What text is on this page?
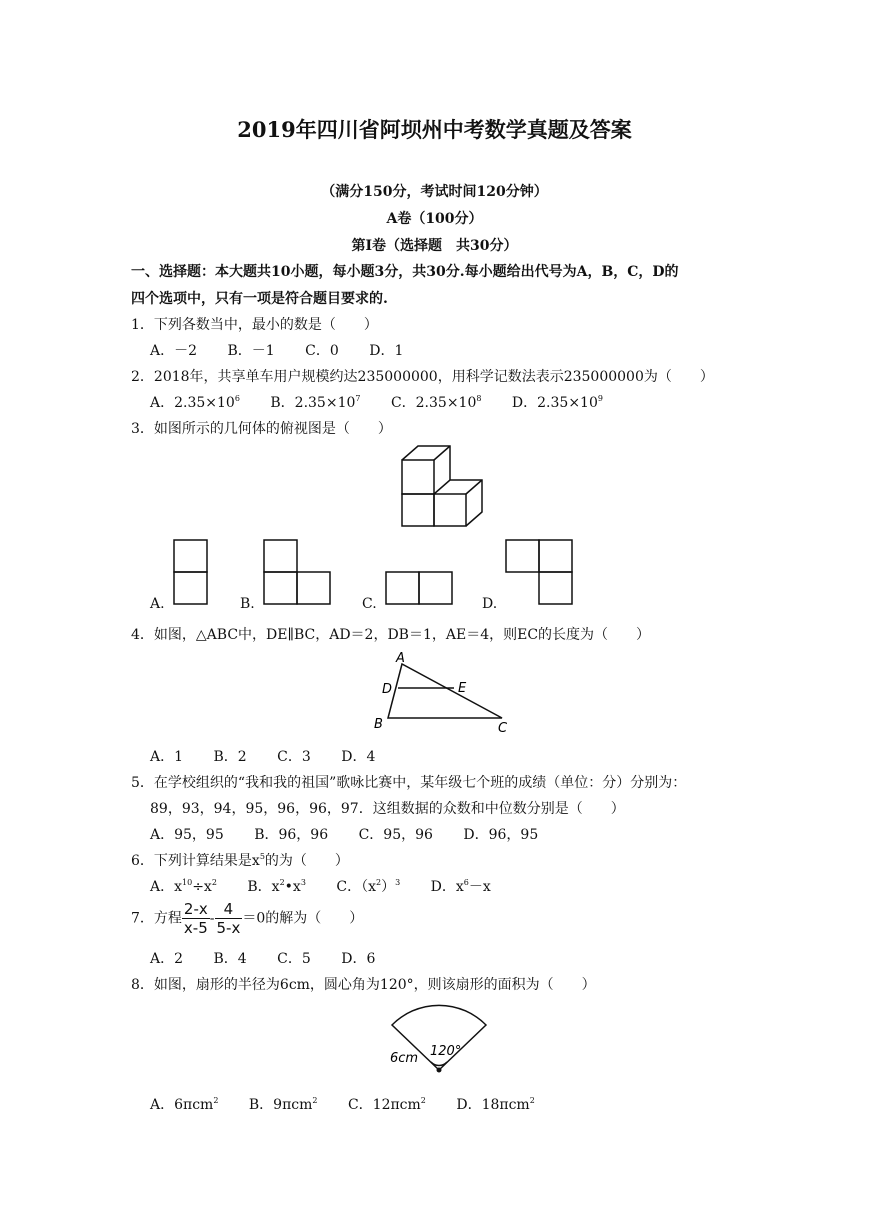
2019年四川省阿坝州中考数学真题及答案
（满分150分，考试时间120分钟）
A卷（100分）
第Ⅰ卷（选择题　共30分）
一、选择题：本大题共10小题，每小题3分，共30分.每小题给出代号为A，B，C，D的
四个选项中，只有一项是符合题目要求的.
1．下列各数当中，最小的数是（　　）
A．－2 B．－1 C．0 D．1
2．2018年，共享单车用户规模约达235000000，用科学记数法表示235000000为（　　）
A．$2.35\times 10^6$ B．$2.35\times 10^7$ C．$2.35\times 10^8$ D．$2.35\times 10^9$
3．如图所示的几何体的俯视图是（　　）
A.	B.	C.	D.
4．如图，△ABC中，DE∥BC，AD＝2，DB＝1，AE＝4，则EC的长度为（　　）
A
D	E
B	C
A．1 B．2 C．3 D．4
5．在学校组织的“我和我的祖国”歌咏比赛中，某年级七个班的成绩（单位：分）分别为：
89，93，94，95，96，96，97．这组数据的众数和中位数分别是（　　）
A．95，95 B．96，96 C．95，96 D．96，95
6．下列计算结果是$x^5$的为（　　）
A．$x^{10}\div x^2$ B．$x^2•x^3$ C．$(x^2)^3$ D．$x^6-x$
7．方程 $\frac{2-x}{x-5} - \frac{4}{5-x} =0$的解为（　　）
A．2 B．4 C．5 D．6
8．如图，扇形的半径为6cm，圆心角为120°，则该扇形的面积为（　　）
120°
6cm
A．6πcm$^2$ B．9πcm$^2$ C．12πcm$^2$ D．18πcm$^2$
